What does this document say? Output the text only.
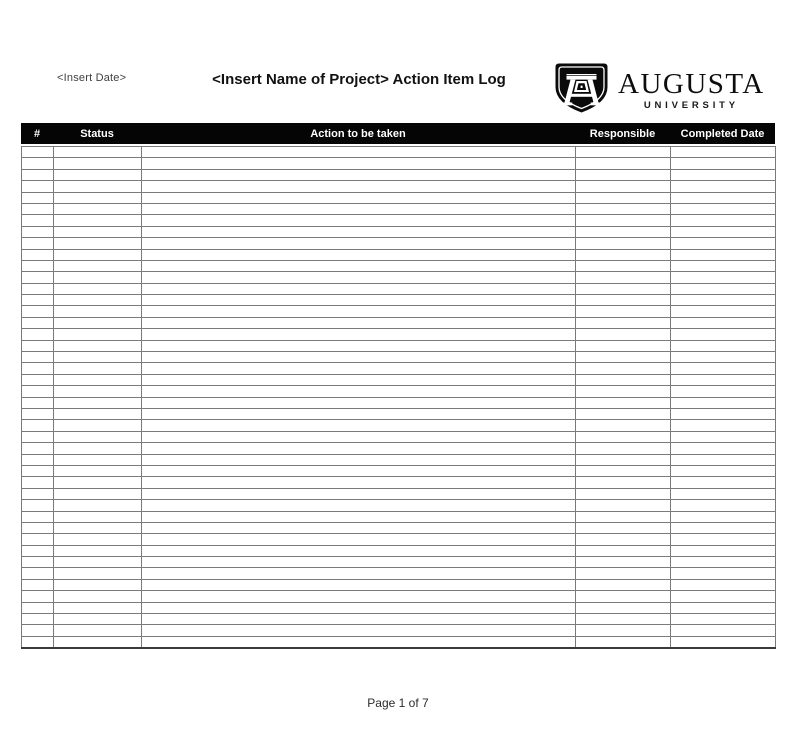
<Insert Date>	<Insert Name of Project> Action Item Log	AUGUSTA
UNIVERSITY
#	Status	Action to be taken	Responsible	Completed Date

Page 1 of 7
